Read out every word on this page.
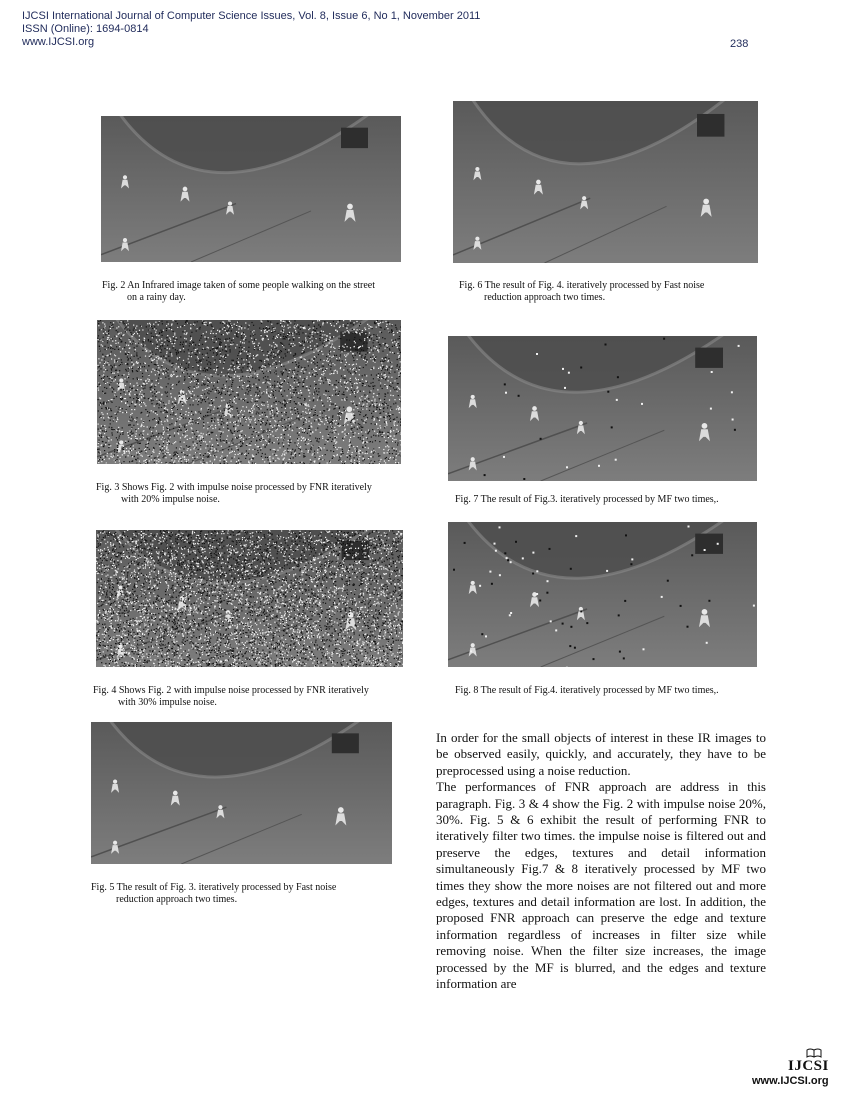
IJCSI International Journal of Computer Science Issues, Vol. 8, Issue 6, No 1, November 2011
ISSN (Online): 1694-0814
www.IJCSI.org	238
Fig. 2 An Infrared image taken of some people walking on the street
on a rainy day.
Fig. 6 The result of Fig. 4. iteratively processed by Fast noise
reduction approach two times.
Fig. 3 Shows Fig. 2 with impulse noise processed by FNR iteratively
with 20% impulse noise.	Fig. 7 The result of Fig.3. iteratively processed by MF two times,.
Fig. 4 Shows Fig. 2 with impulse noise processed by FNR iteratively
with 30% impulse noise.
Fig. 8 The result of Fig.4. iteratively processed by MF two times,.
Fig. 5 The result of Fig. 3. iteratively processed by Fast noise
reduction approach two times.

In order for the small objects of interest in these IR images to be observed easily, quickly, and accurately, they have to be preprocessed using a noise reduction.

The performances of FNR approach are address in this paragraph. Fig. 3 & 4 show the Fig. 2 with impulse noise 20%, 30%. Fig. 5 & 6 exhibit the result of performing FNR to iteratively filter two times. the impulse noise is filtered out and preserve the edges, textures and detail information simultaneously Fig.7 & 8 iteratively processed by MF two times they show the more noises are not filtered out and more edges, textures and detail information are lost. In addition, the proposed FNR approach can preserve the edge and texture information regardless of increases in filter size while removing noise. When the filter size increases, the image processed by the MF is blurred, and the edges and texture information are

IJCSI
www.IJCSI.org
